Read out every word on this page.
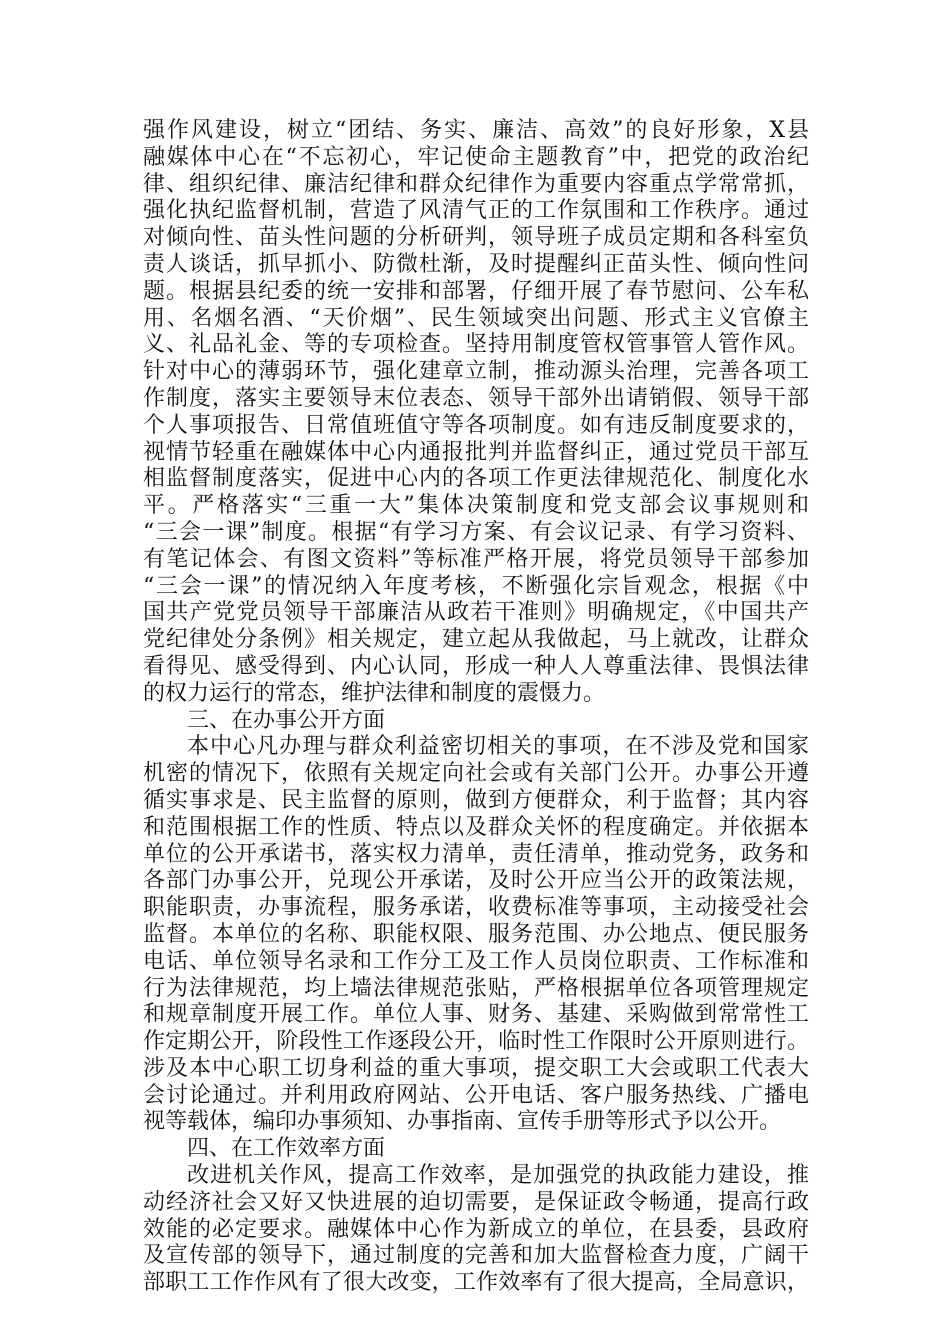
强作风建设，树立“团结、务实、廉洁、高效”的良好形象，X县
融媒体中心在“不忘初心，牢记使命主题教育”中，把党的政治纪
律、组织纪律、廉洁纪律和群众纪律作为重要内容重点学常常抓，
强化执纪监督机制，营造了风清气正的工作氛围和工作秩序。通过
对倾向性、苗头性问题的分析研判，领导班子成员定期和各科室负
责人谈话，抓早抓小、防微杜渐，及时提醒纠正苗头性、倾向性问
题。根据县纪委的统一安排和部署，仔细开展了春节慰问、公车私
用、名烟名酒、“天价烟”、民生领域突出问题、形式主义官僚主
义、礼品礼金、等的专项检查。坚持用制度管权管事管人管作风。
针对中心的薄弱环节，强化建章立制，推动源头治理，完善各项工
作制度，落实主要领导末位表态、领导干部外出请销假、领导干部
个人事项报告、日常值班值守等各项制度。如有违反制度要求的，
视情节轻重在融媒体中心内通报批判并监督纠正，通过党员干部互
相监督制度落实，促进中心内的各项工作更法律规范化、制度化水
平。严格落实“三重一大”集体决策制度和党支部会议事规则和
“三会一课”制度。根据“有学习方案、有会议记录、有学习资料、
有笔记体会、有图文资料”等标准严格开展，将党员领导干部参加
“三会一课”的情况纳入年度考核，不断强化宗旨观念，根据《中
国共产党党员领导干部廉洁从政若干准则》明确规定，《中国共产
党纪律处分条例》相关规定，建立起从我做起，马上就改，让群众
看得见、感受得到、内心认同，形成一种人人尊重法律、畏惧法律
的权力运行的常态，维护法律和制度的震慑力。
三、在办事公开方面
本中心凡办理与群众利益密切相关的事项，在不涉及党和国家
机密的情况下，依照有关规定向社会或有关部门公开。办事公开遵
循实事求是、民主监督的原则，做到方便群众，利于监督；其内容
和范围根据工作的性质、特点以及群众关怀的程度确定。并依据本
单位的公开承诺书，落实权力清单，责任清单，推动党务，政务和
各部门办事公开，兑现公开承诺，及时公开应当公开的政策法规，
职能职责，办事流程，服务承诺，收费标准等事项，主动接受社会
监督。本单位的名称、职能权限、服务范围、办公地点、便民服务
电话、单位领导名录和工作分工及工作人员岗位职责、工作标准和
行为法律规范，均上墙法律规范张贴，严格根据单位各项管理规定
和规章制度开展工作。单位人事、财务、基建、采购做到常常性工
作定期公开，阶段性工作逐段公开，临时性工作限时公开原则进行。
涉及本中心职工切身利益的重大事项，提交职工大会或职工代表大
会讨论通过。并利用政府网站、公开电话、客户服务热线、广播电
视等载体，编印办事须知、办事指南、宣传手册等形式予以公开。
四、在工作效率方面
改进机关作风，提高工作效率，是加强党的执政能力建设，推
动经济社会又好又快进展的迫切需要，是保证政令畅通，提高行政
效能的必定要求。融媒体中心作为新成立的单位，在县委，县政府
及宣传部的领导下，通过制度的完善和加大监督检查力度，广阔干
部职工工作作风有了很大改变，工作效率有了很大提高，全局意识，
